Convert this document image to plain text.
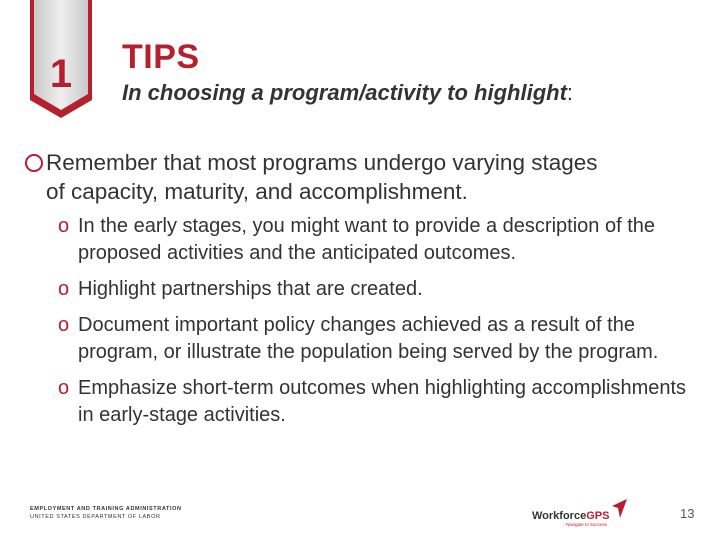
1	TIPS
In choosing a program/activity to highlight:
Remember that most programs undergo varying stages
of capacity, maturity, and accomplishment.
o In the early stages, you might want to provide a description of the proposed activities and the anticipated outcomes.
o Highlight partnerships that are created.
o Document important policy changes achieved as a result of the program, or illustrate the population being served by the program.
o Emphasize short-term outcomes when highlighting accomplishments in early-stage activities.
EMPLOYMENT AND TRAINING ADMINISTRATION
UNITED STATES DEPARTMENT OF LABOR	WorkforceGPS
Navigate to Success
13
